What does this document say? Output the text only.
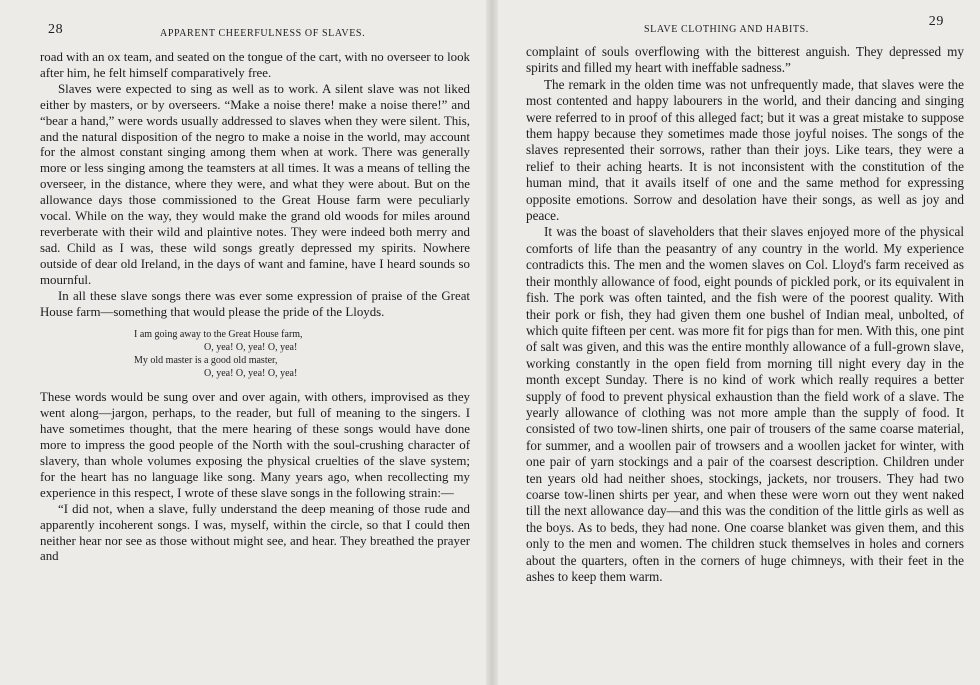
28	APPARENT CHEERFULNESS OF SLAVES.

road with an ox team, and seated on the tongue of the cart, with no overseer to look after him, he felt himself comparatively free.

Slaves were expected to sing as well as to work. A silent slave was not liked either by masters, or by overseers. “Make a noise there! make a noise there!” and “bear a hand,” were words usually addressed to slaves when they were silent. This, and the natural disposition of the negro to make a noise in the world, may account for the almost constant singing among them when at work. There was generally more or less singing among the teamsters at all times. It was a means of telling the overseer, in the distance, where they were, and what they were about. But on the allowance days those commissioned to the Great House farm were peculiarly vocal. While on the way, they would make the grand old woods for miles around reverberate with their wild and plaintive notes. They were indeed both merry and sad. Child as I was, these wild songs greatly depressed my spirits. Nowhere outside of dear old Ireland, in the days of want and famine, have I heard sounds so mournful.

In all these slave songs there was ever some expression of praise of the Great House farm—something that would please the pride of the Lloyds.

I am going away to the Great House farm,
O, yea! O, yea! O, yea!
My old master is a good old master,
O, yea! O, yea! O, yea!

These words would be sung over and over again, with others, improvised as they went along—jargon, perhaps, to the reader, but full of meaning to the singers. I have sometimes thought, that the mere hearing of these songs would have done more to impress the good people of the North with the soul-crushing character of slavery, than whole volumes exposing the physical cruelties of the slave system; for the heart has no language like song. Many years ago, when recollecting my experience in this respect, I wrote of these slave songs in the following strain:—

“I did not, when a slave, fully understand the deep meaning of those rude and apparently incoherent songs. I was, myself, within the circle, so that I could then neither hear nor see as those without might see, and hear. They breathed the prayer and

SLAVE CLOTHING AND HABITS.
29

complaint of souls overflowing with the bitterest anguish. They depressed my spirits and filled my heart with ineffable sadness.”

The remark in the olden time was not unfrequently made, that slaves were the most contented and happy labourers in the world, and their dancing and singing were referred to in proof of this alleged fact; but it was a great mistake to suppose them happy because they sometimes made those joyful noises. The songs of the slaves represented their sorrows, rather than their joys. Like tears, they were a relief to their aching hearts. It is not inconsistent with the constitution of the human mind, that it avails itself of one and the same method for expressing opposite emotions. Sorrow and desolation have their songs, as well as joy and peace.

It was the boast of slaveholders that their slaves enjoyed more of the physical comforts of life than the peasantry of any country in the world. My experience contradicts this. The men and the women slaves on Col. Lloyd's farm received as their monthly allowance of food, eight pounds of pickled pork, or its equivalent in fish. The pork was often tainted, and the fish were of the poorest quality. With their pork or fish, they had given them one bushel of Indian meal, unbolted, of which quite fifteen per cent. was more fit for pigs than for men. With this, one pint of salt was given, and this was the entire monthly allowance of a full-grown slave, working constantly in the open field from morning till night every day in the month except Sunday. There is no kind of work which really requires a better supply of food to prevent physical exhaustion than the field work of a slave. The yearly allowance of clothing was not more ample than the supply of food. It consisted of two tow-linen shirts, one pair of trousers of the same coarse material, for summer, and a woollen pair of trowsers and a woollen jacket for winter, with one pair of yarn stockings and a pair of the coarsest description. Children under ten years old had neither shoes, stockings, jackets, nor trousers. They had two coarse tow-linen shirts per year, and when these were worn out they went naked till the next allowance day—and this was the condition of the little girls as well as the boys. As to beds, they had none. One coarse blanket was given them, and this only to the men and women. The children stuck themselves in holes and corners about the quarters, often in the corners of huge chimneys, with their feet in the ashes to keep them warm.
